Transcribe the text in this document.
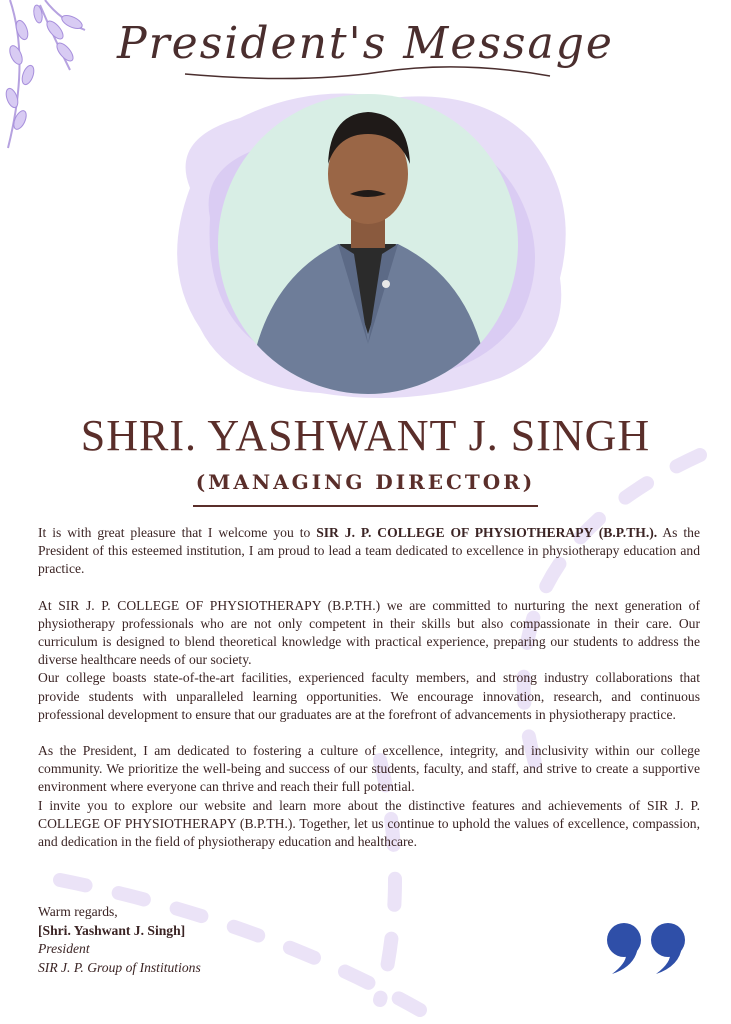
President's Message
SHRI. YASHWANT J. SINGH
(MANAGING DIRECTOR)

It is with great pleasure that I welcome you to SIR J. P. COLLEGE OF PHYSIOTHERAPY (B.P.TH.). As the President of this esteemed institution, I am proud to lead a team dedicated to excellence in physiotherapy education and practice.

At SIR J. P. COLLEGE OF PHYSIOTHERAPY (B.P.TH.) we are committed to nurturing the next generation of physiotherapy professionals who are not only competent in their skills but also compassionate in their care. Our curriculum is designed to blend theoretical knowledge with practical experience, preparing our students to address the diverse healthcare needs of our society.

Our college boasts state-of-the-art facilities, experienced faculty members, and strong industry collaborations that provide students with unparalleled learning opportunities. We encourage innovation, research, and continuous professional development to ensure that our graduates are at the forefront of advancements in physiotherapy practice.

As the President, I am dedicated to fostering a culture of excellence, integrity, and inclusivity within our college community. We prioritize the well-being and success of our students, faculty, and staff, and strive to create a supportive environment where everyone can thrive and reach their full potential.

I invite you to explore our website and learn more about the distinctive features and achievements of SIR J. P. COLLEGE OF PHYSIOTHERAPY (B.P.TH.). Together, let us continue to uphold the values of excellence, compassion, and dedication in the field of physiotherapy education and healthcare.

Warm regards,
[Shri. Yashwant J. Singh]
President
SIR J. P. Group of Institutions
